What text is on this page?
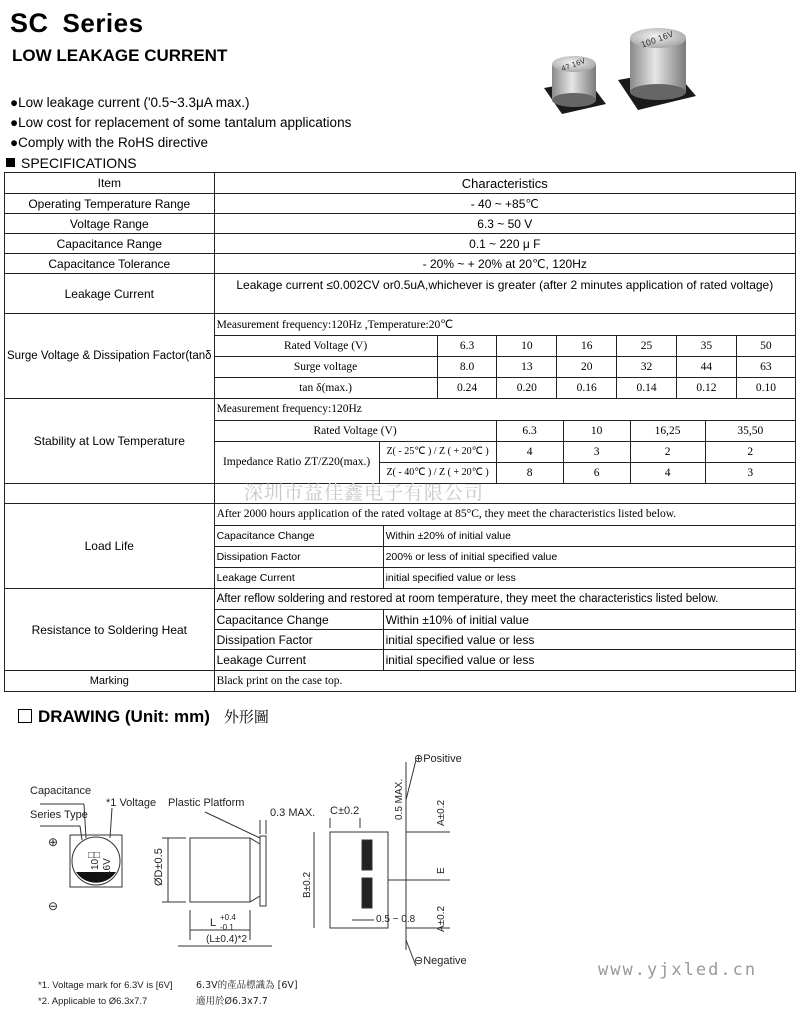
SC Series
LOW LEAKAGE CURRENT
47 16V
100 16V
●Low leakage current ('0.5~3.3μA max.)
●Low cost for replacement of some tantalum applications
●Comply with the RoHS directive
SPECIFICATIONS
Item	Characteristics
Operating Temperature Range	- 40 ~ +85℃
Voltage Range	6.3 ~ 50 V
Capacitance Range	0.1 ~ 220 μ F
Capacitance Tolerance	- 20% ~ + 20% at 20℃, 120Hz
Leakage Current	Leakage current ≤0.002CV or0.5uA,whichever is greater (after 2 minutes application of rated voltage)
Surge Voltage & Dissipation Factor(tanδ	
Measurement frequency:120Hz ,Temperature:20℃
Rated Voltage (V)	6.3	10	16	25	35	50
Surge voltage	8.0	13	20	32	44	63
tan δ(max.)	0.24	0.20	0.16	0.14	0.12	0.10

Stability at Low Temperature	
Measurement frequency:120Hz
Rated Voltage (V)	6.3	10	16,25	35,50
Impedance Ratio ZT/Z20(max.)	Z( - 25℃ ) / Z ( + 20℃ )	4	3	2	2
Z( - 40℃ ) / Z ( + 20℃ )	8	6	4	3

Load Life	
After 2000 hours application of the rated voltage at 85°C, they meet the characteristics listed below.
Capacitance Change	Within ±20% of initial value
Dissipation Factor	200% or less of initial specified value
Leakage Current	initial specified value or less

Resistance to Soldering Heat	
After reflow soldering and restored at room temperature, they meet the characteristics listed below.
Capacitance Change	Within ±10% of initial value
Dissipation Factor	initial specified value or less
Leakage Current	initial specified value or less

Marking	Black print on the case top.
深圳市益佳鑫电子有限公司
DRAWING (Unit: mm) 外形圖
Capacitance
Series Type
*1 Voltage Plastic Platform
□□
10 16V
⊕
⊖
0.3 MAX.
ØD±0.5
L +0.4
-0.1
(L±0.4)*2
C±0.2	0.5 MAX.	A±0.2
A±0.2
B±0.2
E
0.5 ~ 0.8
⊕Positive
⊖Negative
*1. Voltage mark for 6.3V is [6V] 6.3V的產品標識為 [6V]
*2. Applicable to Ø6.3x7.7	適用於Ø6.3x7.7
www.yjxled.cn
